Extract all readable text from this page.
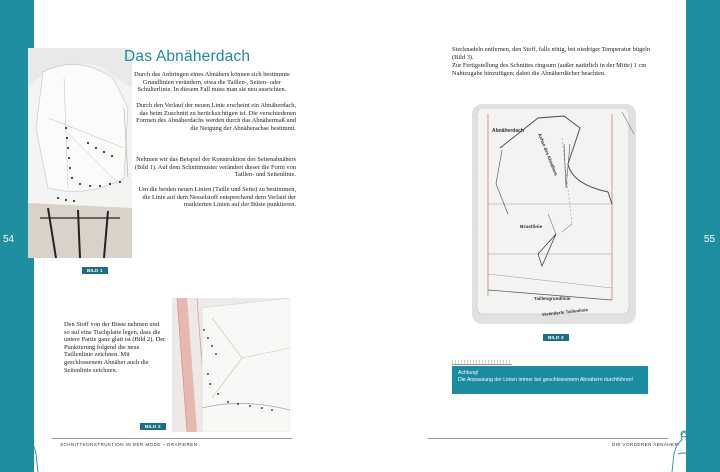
54	55
Das Abnäherdach

Durch das Anbringen eines Abnähers können sich bestimmte Grundlinien verändern, etwa die Taillen-, Seiten- oder Schulterlinie. In diesem Fall muss man sie neu ausrichten.

Durch den Verlauf der neuen Linie erscheint ein Abnäherdach, das beim Zuschnitt zu berücksichtigen ist. Die verschiedenen Formen des Abnäherdachs werden durch das Abnähermaß und die Neigung der Abnäherachse bestimmt.

Nehmen wir das Beispiel der Konstruktion des Seitenabnähers (Bild 1). Auf dem Schnittmuster verändert dieser die Form von Taillen- und Seitenlinie.

Um die beiden neuen Linien (Taille und Seite) zu bestimmen, die Linie auf dem Nesselstoff entsprechend dem Verlauf der markierten Linien auf der Büste punktieren.

BILD 1

Den Stoff von der Büste nehmen und so auf eine Tischplatte legen, dass die untere Partie ganz glatt ist (Bild 2). Der Punktierung folgend die neue Taillenlinie zeichnen. Mit geschlossenem Abnäher auch die Seitenlinie zeichnen.

BILD 2
SCHNITTKONSTRUKTION IN DER MODE – DRAPIEREN

Stecknadeln entfernen, den Stoff, falls nötig, bei niedriger Temperatur bügeln (Bild 3).

Zur Fertigstellung des Schnittes ringsum (außer natürlich in der Mitte) 1 cm Nahtzugabe hinzufügen; dabei die Abnäherdächer beachten.

Abnäherdach
Achse des Abnähers
Brustlinie
Taillengrundlinie
Veränderte Taillenlinie
BILD 3
Achtung!
Die Anpassung der Linien immer bei geschlossenem Abnähern durchführen!
DIE VORDEREN ABNÄHER
